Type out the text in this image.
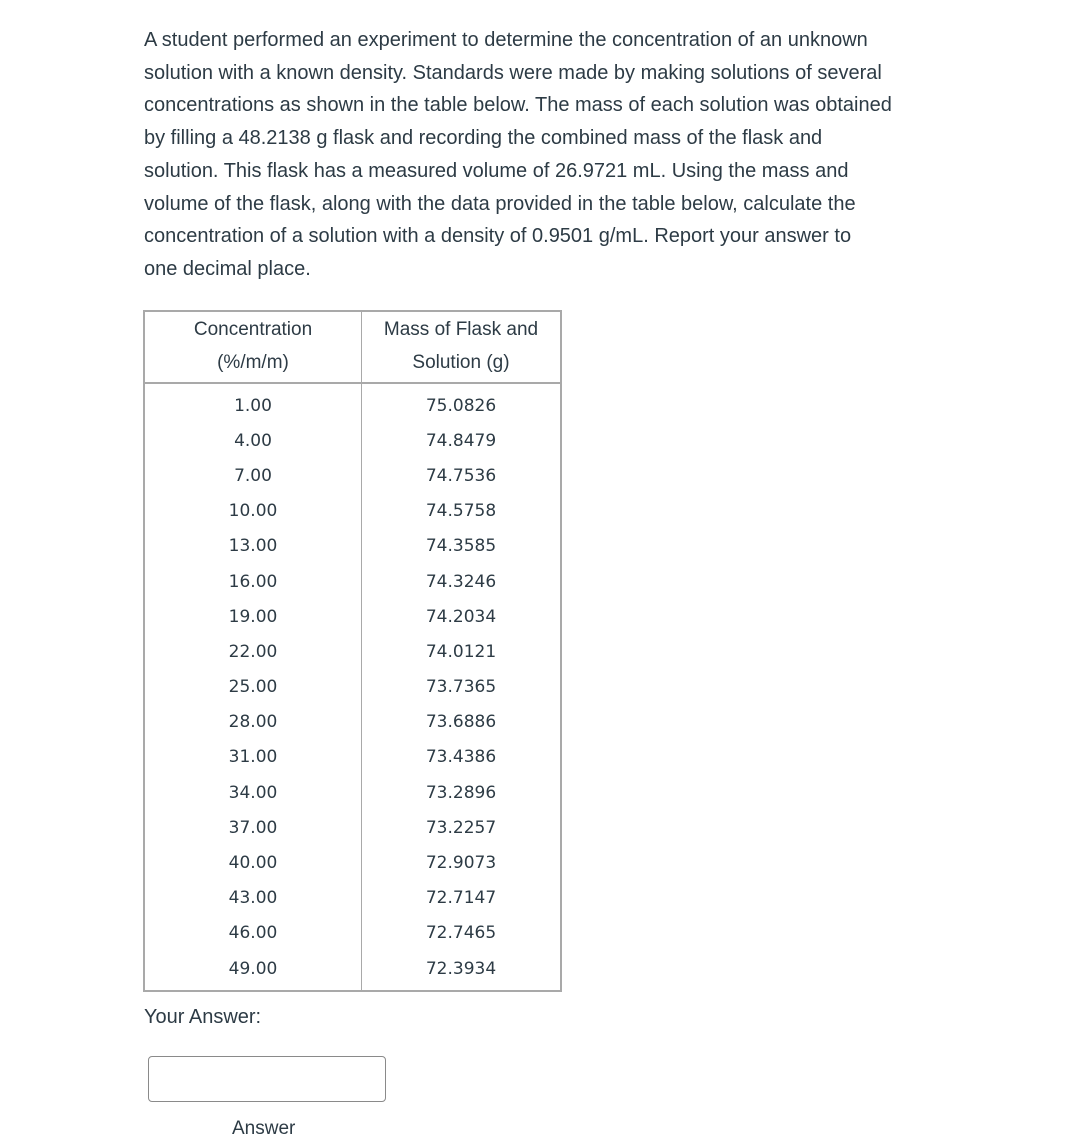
A student performed an experiment to determine the concentration of an unknown

solution with a known density. Standards were made by making solutions of several

concentrations as shown in the table below. The mass of each solution was obtained

by filling a 48.2138 g flask and recording the combined mass of the flask and

solution. This flask has a measured volume of 26.9721 mL. Using the mass and

volume of the flask, along with the data provided in the table below, calculate the

concentration of a solution with a density of 0.9501 g/mL. Report your answer to

one decimal place.

Concentration
(%/m/m)	Mass of Flask and
Solution (g)
1.00	75.0826
4.00	74.8479
7.00	74.7536
10.00	74.5758
13.00	74.3585
16.00	74.3246
19.00	74.2034
22.00	74.0121
25.00	73.7365
28.00	73.6886
31.00	73.4386
34.00	73.2896
37.00	73.2257
40.00	72.9073
43.00	72.7147
46.00	72.7465
49.00	72.3934
Your Answer:
Answer
